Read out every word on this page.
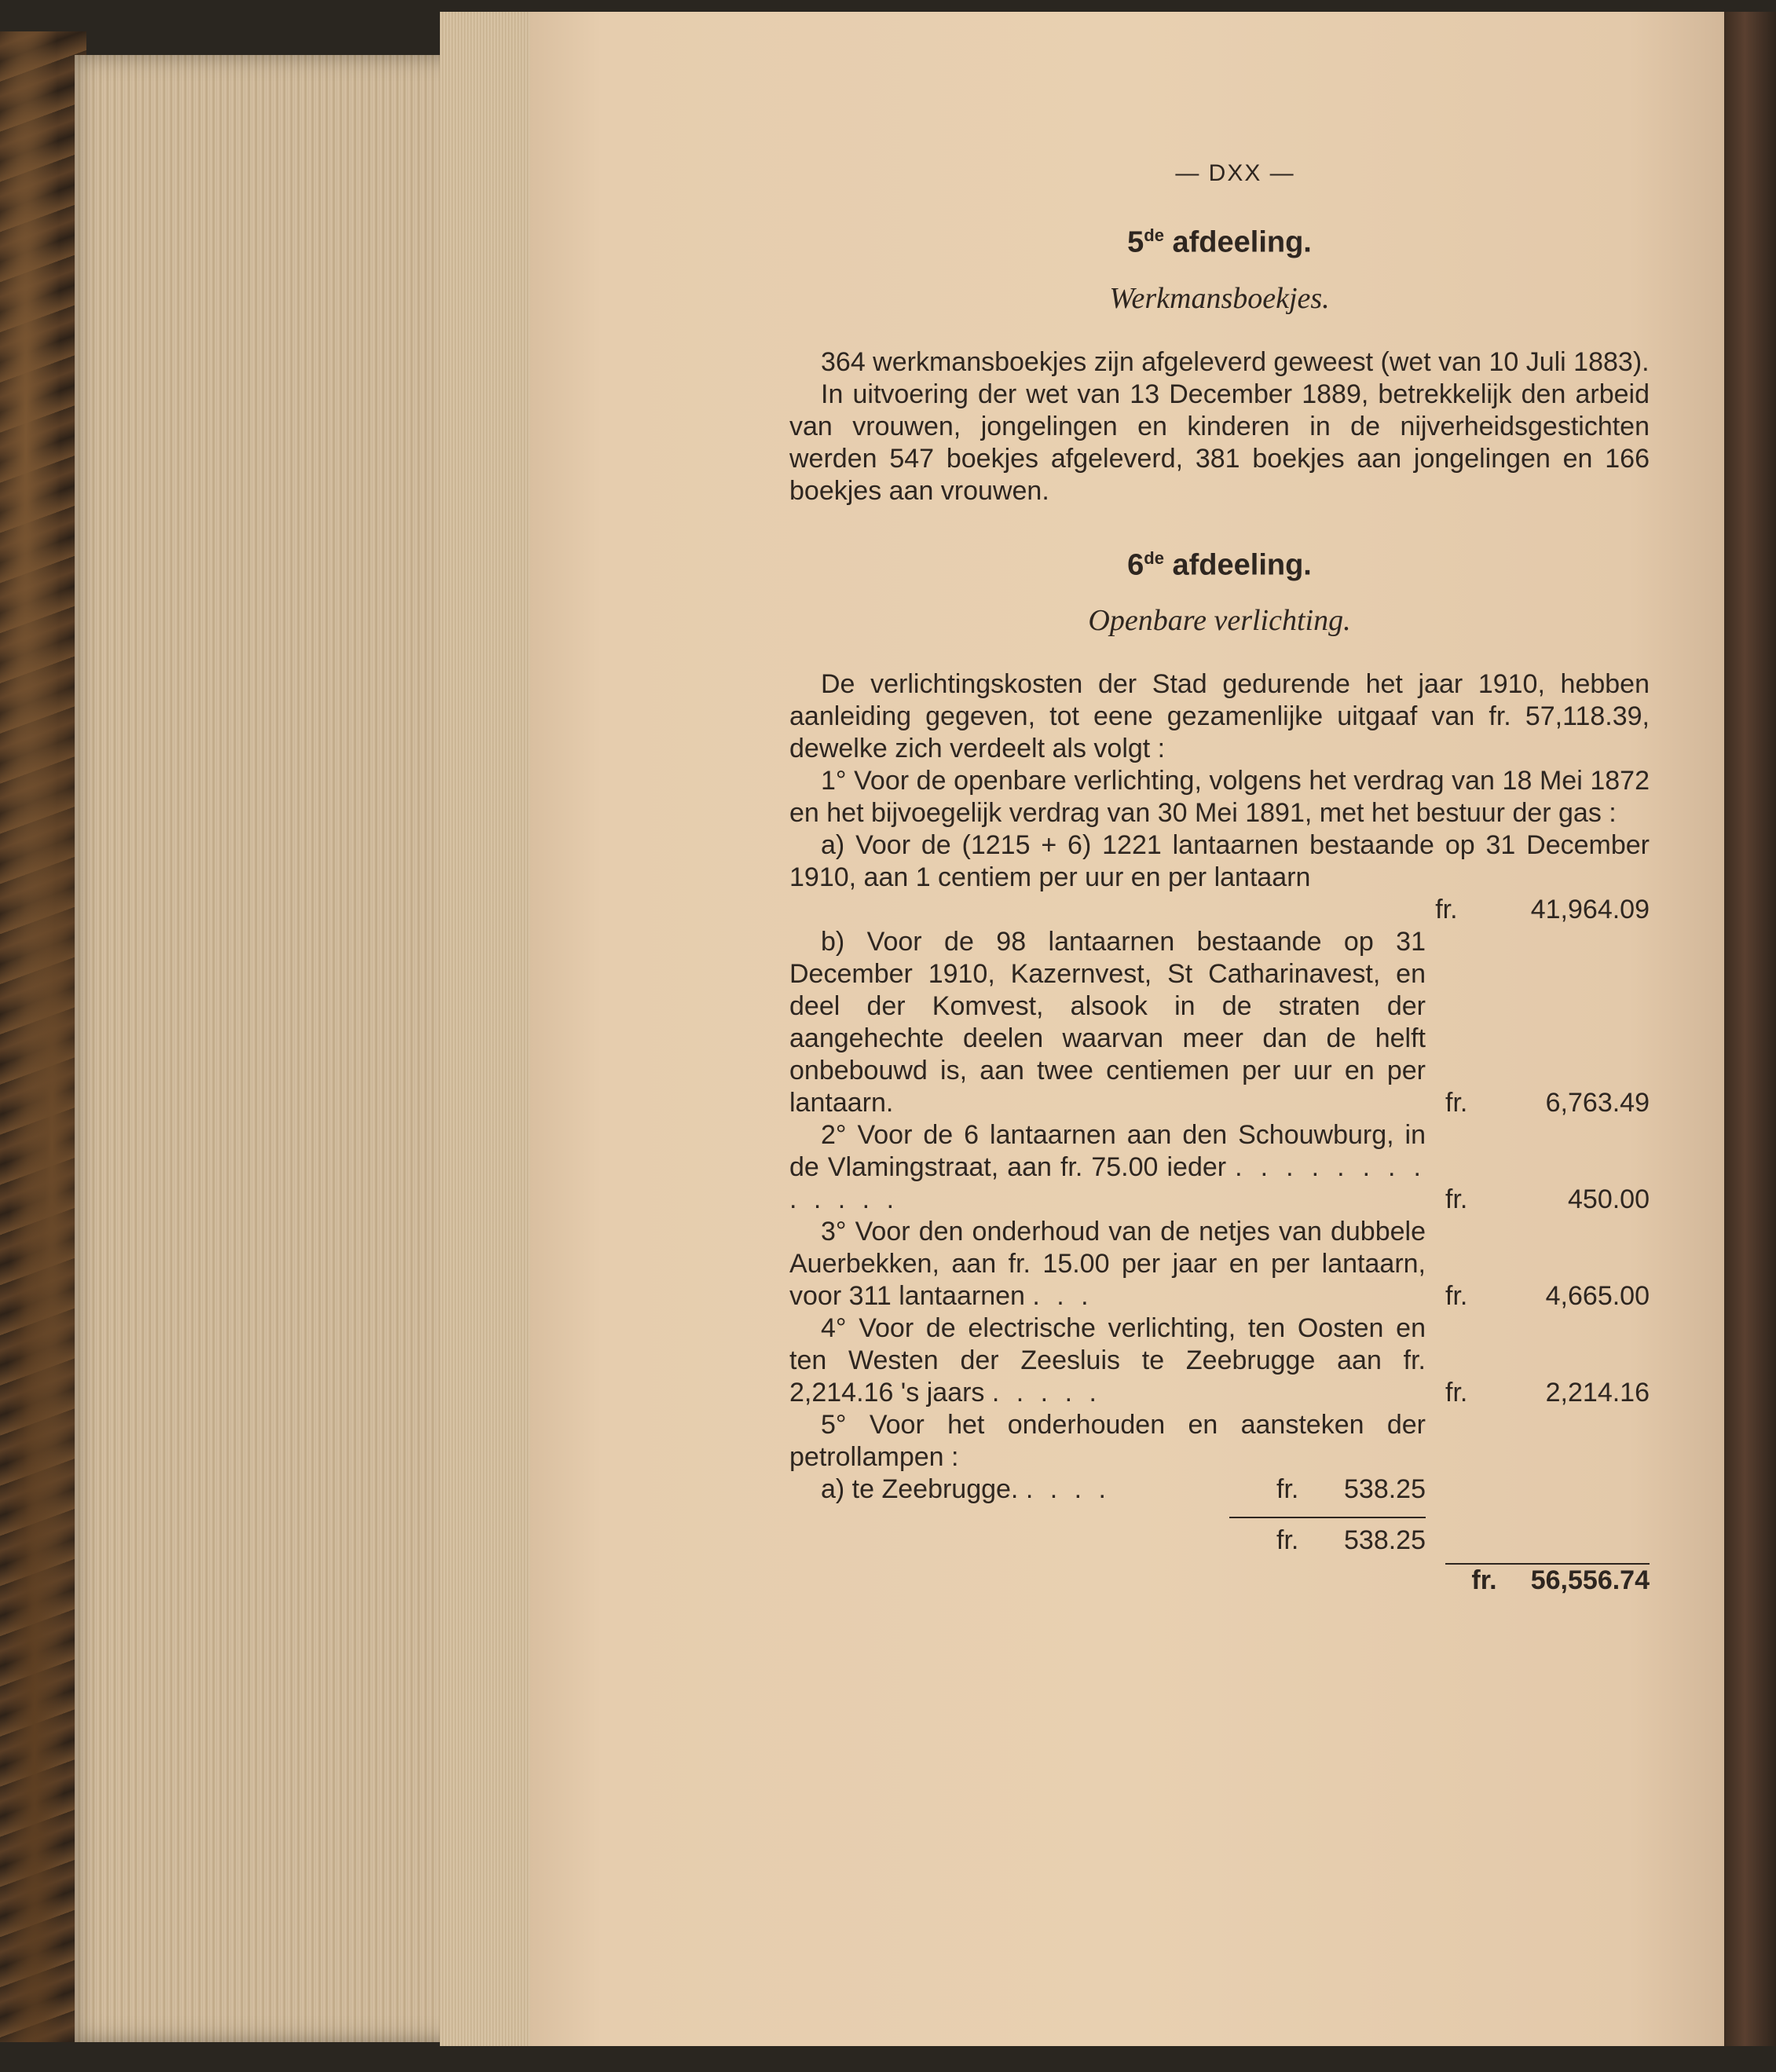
— DXX —
5de afdeeling.
Werkmansboekjes.

364 werkmansboekjes zijn afgeleverd geweest (wet van 10 Juli 1883).

In uitvoering der wet van 13 December 1889, betrekkelijk den arbeid van vrouwen, jongelingen en kinderen in de nijverheidsgestichten werden 547 boekjes afgeleverd, 381 boekjes aan jongelingen en 166 boekjes aan vrouwen.

6de afdeeling.
Openbare verlichting.

De verlichtingskosten der Stad gedurende het jaar 1910, hebben aanleiding gegeven, tot eene gezamenlijke uitgaaf van fr. 57,118.39, dewelke zich verdeelt als volgt :

1° Voor de openbare verlichting, volgens het verdrag van 18 Mei 1872 en het bijvoegelijk verdrag van 30 Mei 1891, met het bestuur der gas :

a) Voor de (1215 + 6) 1221 lantaarnen bestaande op 31 December 1910, aan 1 centiem per uur en per lantaarn

fr.	41,964.09

b) Voor de 98 lantaarnen bestaande op 31 December 1910, Kazernvest, St Catharinavest, en deel der Komvest, alsook in de straten der aangehechte deelen waarvan meer dan de helft onbebouwd is, aan twee centiemen per uur en per lantaarn.	fr.	6,763.49

2° Voor de 6 lantaarnen aan den Schouwburg, in de Vlamingstraat, aan fr. 75.00 ieder . . . . . . . . . . . . .	fr.	450.00

3° Voor den onderhoud van de netjes van dubbele Auerbekken, aan fr. 15.00 per jaar en per lantaarn, voor 311 lantaarnen . . .	fr.	4,665.00

4° Voor de electrische verlichting, ten Oosten en ten Westen der Zeesluis te Zeebrugge aan fr. 2,214.16 's jaars . . . . .	fr.	2,214.16

5° Voor het onderhouden en aansteken der petrollampen :

a) te Zeebrugge. . . . .	fr.	538.25
fr.	538.25
fr. 56,556.74
